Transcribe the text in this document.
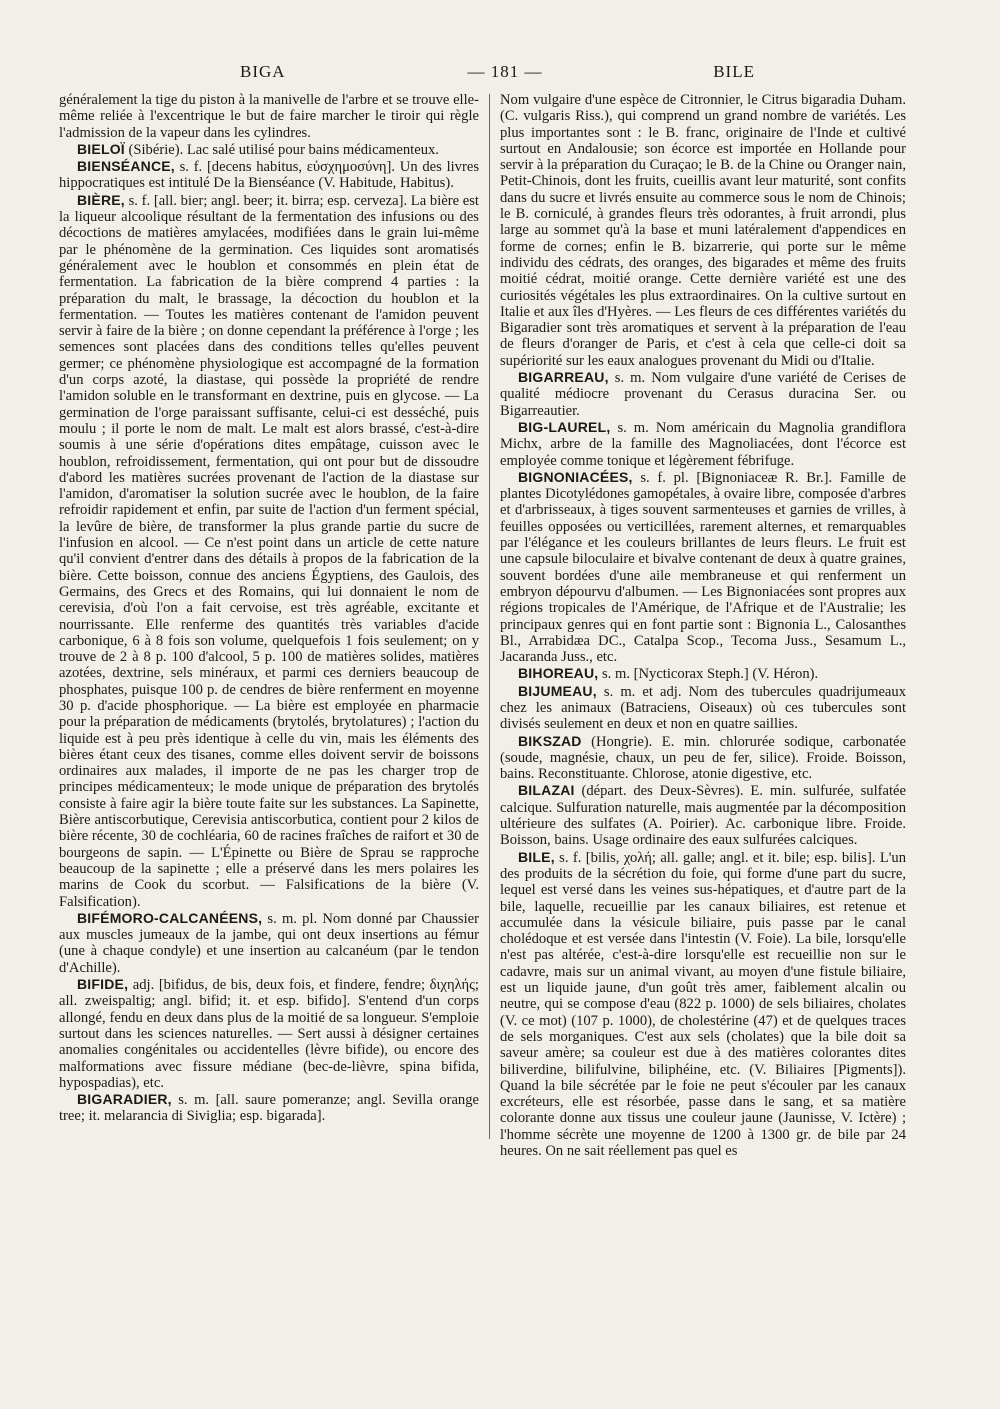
BIGA	— 181 —	BILE

généralement la tige du piston à la manivelle de l'arbre et se trouve elle-même reliée à l'excentrique le but de faire marcher le tiroir qui règle l'admission de la vapeur dans les cylindres.

BIELOÏ (Sibérie). Lac salé utilisé pour bains médicamenteux.

BIENSÉANCE, s. f. [decens habitus, εὐσχημοσύνη]. Un des livres hippocratiques est intitulé De la Bienséance (V. Habitude, Habitus).

BIÈRE, s. f. [all. bier; angl. beer; it. birra; esp. cerveza]. La bière est la liqueur alcoolique résultant de la fermentation des infusions ou des décoctions de matières amylacées, modifiées dans le grain lui-même par le phénomène de la germination. Ces liquides sont aromatisés généralement avec le houblon et consommés en plein état de fermentation. La fabrication de la bière comprend 4 parties : la préparation du malt, le brassage, la décoction du houblon et la fermentation. — Toutes les matières contenant de l'amidon peuvent servir à faire de la bière ; on donne cependant la préférence à l'orge ; les semences sont placées dans des conditions telles qu'elles peuvent germer; ce phénomène physiologique est accompagné de la formation d'un corps azoté, la diastase, qui possède la propriété de rendre l'amidon soluble en le transformant en dextrine, puis en glycose. — La germination de l'orge paraissant suffisante, celui-ci est desséché, puis moulu ; il porte le nom de malt. Le malt est alors brassé, c'est-à-dire soumis à une série d'opérations dites empâtage, cuisson avec le houblon, refroidissement, fermentation, qui ont pour but de dissoudre d'abord les matières sucrées provenant de l'action de la diastase sur l'amidon, d'aromatiser la solution sucrée avec le houblon, de la faire refroidir rapidement et enfin, par suite de l'action d'un ferment spécial, la levûre de bière, de transformer la plus grande partie du sucre de l'infusion en alcool. — Ce n'est point dans un article de cette nature qu'il convient d'entrer dans des détails à propos de la fabrication de la bière. Cette boisson, connue des anciens Égyptiens, des Gaulois, des Germains, des Grecs et des Romains, qui lui donnaient le nom de cerevisia, d'où l'on a fait cervoise, est très agréable, excitante et nourrissante. Elle renferme des quantités très variables d'acide carbonique, 6 à 8 fois son volume, quelquefois 1 fois seulement; on y trouve de 2 à 8 p. 100 d'alcool, 5 p. 100 de matières solides, matières azotées, dextrine, sels minéraux, et parmi ces derniers beaucoup de phosphates, puisque 100 p. de cendres de bière renferment en moyenne 30 p. d'acide phosphorique. — La bière est employée en pharmacie pour la préparation de médicaments (brytolés, brytolatures) ; l'action du liquide est à peu près identique à celle du vin, mais les éléments des bières étant ceux des tisanes, comme elles doivent servir de boissons ordinaires aux malades, il importe de ne pas les charger trop de principes médicamenteux; le mode unique de préparation des brytolés consiste à faire agir la bière toute faite sur les substances. La Sapinette, Bière antiscorbutique, Cerevisia antiscorbutica, contient pour 2 kilos de bière récente, 30 de cochléaria, 60 de racines fraîches de raifort et 30 de bourgeons de sapin. — L'Épinette ou Bière de Sprau se rapproche beaucoup de la sapinette ; elle a préservé dans les mers polaires les marins de Cook du scorbut. — Falsifications de la bière (V. Falsification).

BIFÉMORO-CALCANÉENS, s. m. pl. Nom donné par Chaussier aux muscles jumeaux de la jambe, qui ont deux insertions au fémur (une à chaque condyle) et une insertion au calcanéum (par le tendon d'Achille).

BIFIDE, adj. [bifidus, de bis, deux fois, et findere, fendre; διχηλής; all. zweispaltig; angl. bifid; it. et esp. bifido]. S'entend d'un corps allongé, fendu en deux dans plus de la moitié de sa longueur. S'emploie surtout dans les sciences naturelles. — Sert aussi à désigner certaines anomalies congénitales ou accidentelles (lèvre bifide), ou encore des malformations avec fissure médiane (bec-de-lièvre, spina bifida, hypospadias), etc.

BIGARADIER, s. m. [all. saure pomeranze; angl. Sevilla orange tree; it. melarancia di Siviglia; esp. bigarada].

Nom vulgaire d'une espèce de Citronnier, le Citrus bigaradia Duham. (C. vulgaris Riss.), qui comprend un grand nombre de variétés. Les plus importantes sont : le B. franc, originaire de l'Inde et cultivé surtout en Andalousie; son écorce est importée en Hollande pour servir à la préparation du Curaçao; le B. de la Chine ou Oranger nain, Petit-Chinois, dont les fruits, cueillis avant leur maturité, sont confits dans du sucre et livrés ensuite au commerce sous le nom de Chinois; le B. corniculé, à grandes fleurs très odorantes, à fruit arrondi, plus large au sommet qu'à la base et muni latéralement d'appendices en forme de cornes; enfin le B. bizarrerie, qui porte sur le même individu des cédrats, des oranges, des bigarades et même des fruits moitié cédrat, moitié orange. Cette dernière variété est une des curiosités végétales les plus extraordinaires. On la cultive surtout en Italie et aux îles d'Hyères. — Les fleurs de ces différentes variétés du Bigaradier sont très aromatiques et servent à la préparation de l'eau de fleurs d'oranger de Paris, et c'est à cela que celle-ci doit sa supériorité sur les eaux analogues provenant du Midi ou d'Italie.

BIGARREAU, s. m. Nom vulgaire d'une variété de Cerises de qualité médiocre provenant du Cerasus duracina Ser. ou Bigarreautier.

BIG-LAUREL, s. m. Nom américain du Magnolia grandiflora Michx, arbre de la famille des Magnoliacées, dont l'écorce est employée comme tonique et légèrement fébrifuge.

BIGNONIACÉES, s. f. pl. [Bignoniaceæ R. Br.]. Famille de plantes Dicotylédones gamopétales, à ovaire libre, composée d'arbres et d'arbrisseaux, à tiges souvent sarmenteuses et garnies de vrilles, à feuilles opposées ou verticillées, rarement alternes, et remarquables par l'élégance et les couleurs brillantes de leurs fleurs. Le fruit est une capsule biloculaire et bivalve contenant de deux à quatre graines, souvent bordées d'une aile membraneuse et qui renferment un embryon dépourvu d'albumen. — Les Bignoniacées sont propres aux régions tropicales de l'Amérique, de l'Afrique et de l'Australie; les principaux genres qui en font partie sont : Bignonia L., Calosanthes Bl., Arrabidæa DC., Catalpa Scop., Tecoma Juss., Sesamum L., Jacaranda Juss., etc.

BIHOREAU, s. m. [Nycticorax Steph.] (V. Héron).

BIJUMEAU, s. m. et adj. Nom des tubercules quadrijumeaux chez les animaux (Batraciens, Oiseaux) où ces tubercules sont divisés seulement en deux et non en quatre saillies.

BIKSZAD (Hongrie). E. min. chlorurée sodique, carbonatée (soude, magnésie, chaux, un peu de fer, silice). Froide. Boisson, bains. Reconstituante. Chlorose, atonie digestive, etc.

BILAZAI (départ. des Deux-Sèvres). E. min. sulfurée, sulfatée calcique. Sulfuration naturelle, mais augmentée par la décomposition ultérieure des sulfates (A. Poirier). Ac. carbonique libre. Froide. Boisson, bains. Usage ordinaire des eaux sulfurées calciques.

BILE, s. f. [bilis, χολή; all. galle; angl. et it. bile; esp. bilis]. L'un des produits de la sécrétion du foie, qui forme d'une part du sucre, lequel est versé dans les veines sus-hépatiques, et d'autre part de la bile, laquelle, recueillie par les canaux biliaires, est retenue et accumulée dans la vésicule biliaire, puis passe par le canal cholédoque et est versée dans l'intestin (V. Foie). La bile, lorsqu'elle n'est pas altérée, c'est-à-dire lorsqu'elle est recueillie non sur le cadavre, mais sur un animal vivant, au moyen d'une fistule biliaire, est un liquide jaune, d'un goût très amer, faiblement alcalin ou neutre, qui se compose d'eau (822 p. 1000) de sels biliaires, cholates (V. ce mot) (107 p. 1000), de cholestérine (47) et de quelques traces de sels morganiques. C'est aux sels (cholates) que la bile doit sa saveur amère; sa couleur est due à des matières colorantes dites biliverdine, bilifulvine, biliphéine, etc. (V. Biliaires [Pigments]). Quand la bile sécrétée par le foie ne peut s'écouler par les canaux excréteurs, elle est résorbée, passe dans le sang, et sa matière colorante donne aux tissus une couleur jaune (Jaunisse, V. Ictère) ; l'homme sécrète une moyenne de 1200 à 1300 gr. de bile par 24 heures. On ne sait réellement pas quel es
